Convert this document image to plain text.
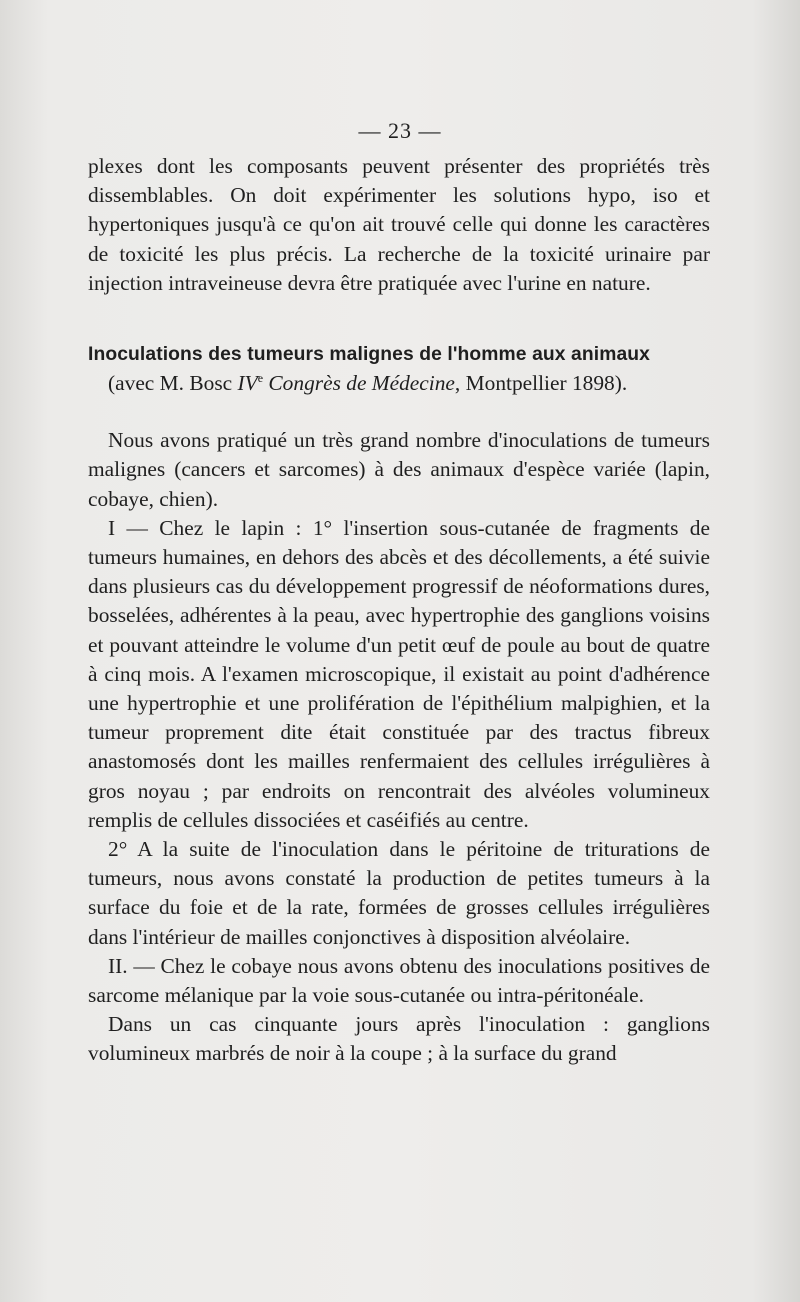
— 23 —

plexes dont les composants peuvent présenter des propriétés très dissemblables. On doit expérimenter les solutions hypo, iso et hypertoniques jusqu'à ce qu'on ait trouvé celle qui donne les caractères de toxicité les plus précis. La recherche de la toxicité urinaire par injection intraveineuse devra être pratiquée avec l'urine en nature.

Inoculations des tumeurs malignes de l'homme aux animaux

(avec M. Bosc IVe Congrès de Médecine, Montpellier 1898).

Nous avons pratiqué un très grand nombre d'inoculations de tumeurs malignes (cancers et sarcomes) à des animaux d'espèce variée (lapin, cobaye, chien).

I — Chez le lapin : 1° l'insertion sous-cutanée de fragments de tumeurs humaines, en dehors des abcès et des décollements, a été suivie dans plusieurs cas du développement progressif de néoformations dures, bosselées, adhérentes à la peau, avec hypertrophie des ganglions voisins et pouvant atteindre le volume d'un petit œuf de poule au bout de quatre à cinq mois. A l'examen microscopique, il existait au point d'adhérence une hypertrophie et une prolifération de l'épithélium malpighien, et la tumeur proprement dite était constituée par des tractus fibreux anastomosés dont les mailles renfermaient des cellules irrégulières à gros noyau ; par endroits on rencontrait des alvéoles volumineux remplis de cellules dissociées et caséifiés au centre.

2° A la suite de l'inoculation dans le péritoine de triturations de tumeurs, nous avons constaté la production de petites tumeurs à la surface du foie et de la rate, formées de grosses cellules irrégulières dans l'intérieur de mailles conjonctives à disposition alvéolaire.

II. — Chez le cobaye nous avons obtenu des inoculations positives de sarcome mélanique par la voie sous-cutanée ou intra-péritonéale.

Dans un cas cinquante jours après l'inoculation : ganglions volumineux marbrés de noir à la coupe ; à la surface du grand
